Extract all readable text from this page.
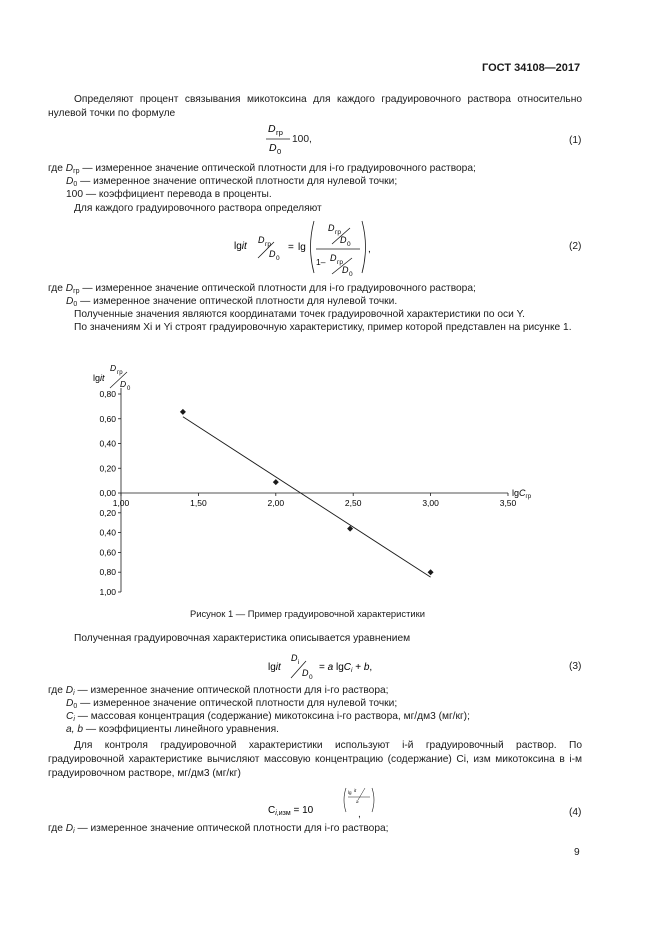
ГОСТ 34108—2017
Определяют процент связывания микотоксина для каждого градуировочного раствора относительно нулевой точки по формуле
D гр
D 0
100,	(1)
где $D_{гр}$ — измеренное значение оптической плотности для i-го градуировочного раствора;
$D_0$ — измеренное значение оптической плотности для нулевой точки;
100 — коэффициент перевода в проценты.
Для каждого градуировочного раствора определяют
lgit
D гр
D 0
= lg
D гр
D 0
1– D гр
D 0
,	(2)
где $D_{гр}$ — измеренное значение оптической плотности для i-го градуировочного раствора;
$D_0$ — измеренное значение оптической плотности для нулевой точки.
Полученные значения являются координатами точек градуировочной характеристики по оси Y.
По значениям Xi и Yi строят градуировочную характеристику, пример которой представлен на рисунке 1.
lgit
D гр
D 0
0,80
0,60
0,40
0,20
0,00
0,20
0,40
0,60
0,80
1,00
1,00	1,50	2,00	2,50	3,00	3,50
lgC$_{гр}$
Рисунок 1 — Пример градуировочной характеристики
Полученная градуировочная характеристика описывается уравнением
lgit
D i
D 0
= a lgC$_i$ + b,	(3)
где $D_i$ — измеренное значение оптической плотности для i-го раствора;
$D_0$ — измеренное значение оптической плотности для нулевой точки;
$C_i$ — массовая концентрация (содержание) микотоксина i-го раствора, мг/дм3 (мг/кг);
a, b — коэффициенты линейного уравнения.
Для контроля градуировочной характеристики используют i-й градуировочный раствор. По градуировочной характеристике вычисляют массовую концентрацию (содержание) Ci, изм микотоксина в i-м градуировочном растворе, мг/дм3 (мг/кг)
$C_i,изм = 10$
lg it
a
,	(4)
где $D_i$ — измеренное значение оптической плотности для i-го раствора;
9
